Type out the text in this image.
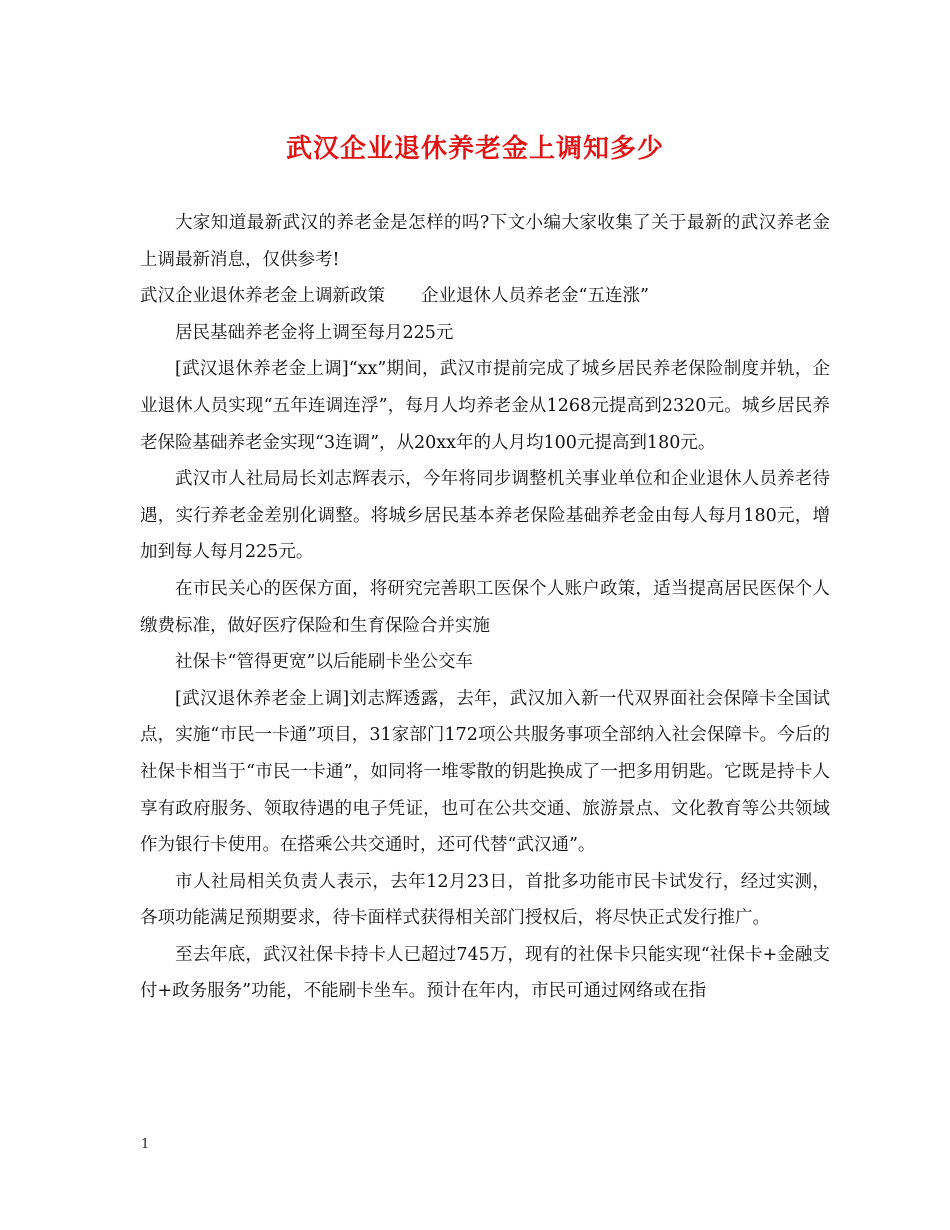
武汉企业退休养老金上调知多少

大家知道最新武汉的养老金是怎样的吗?下文小编大家收集了关于最新的武汉养老金上调最新消息，仅供参考!

武汉企业退休养老金上调新政策 企业退休人员养老金“五连涨”

居民基础养老金将上调至每月225元

[武汉退休养老金上调]“xx”期间，武汉市提前完成了城乡居民养老保险制度并轨，企业退休人员实现“五年连调连浮”，每月人均养老金从1268元提高到2320元。城乡居民养老保险基础养老金实现“3连调”，从20xx年的人月均100元提高到180元。

武汉市人社局局长刘志辉表示，今年将同步调整机关事业单位和企业退休人员养老待遇，实行养老金差别化调整。将城乡居民基本养老保险基础养老金由每人每月180元，增加到每人每月225元。

在市民关心的医保方面，将研究完善职工医保个人账户政策，适当提高居民医保个人缴费标准，做好医疗保险和生育保险合并实施

社保卡“管得更宽”以后能刷卡坐公交车

[武汉退休养老金上调]刘志辉透露，去年，武汉加入新一代双界面社会保障卡全国试点，实施“市民一卡通”项目，31家部门172项公共服务事项全部纳入社会保障卡。今后的社保卡相当于“市民一卡通”，如同将一堆零散的钥匙换成了一把多用钥匙。它既是持卡人享有政府服务、领取待遇的电子凭证，也可在公共交通、旅游景点、文化教育等公共领域作为银行卡使用。在搭乘公共交通时，还可代替“武汉通”。

市人社局相关负责人表示，去年12月23日，首批多功能市民卡试发行，经过实测，各项功能满足预期要求，待卡面样式获得相关部门授权后，将尽快正式发行推广。

至去年底，武汉社保卡持卡人已超过745万，现有的社保卡只能实现“社保卡+金融支付+政务服务”功能，不能刷卡坐车。预计在年内，市民可通过网络或在指

1
